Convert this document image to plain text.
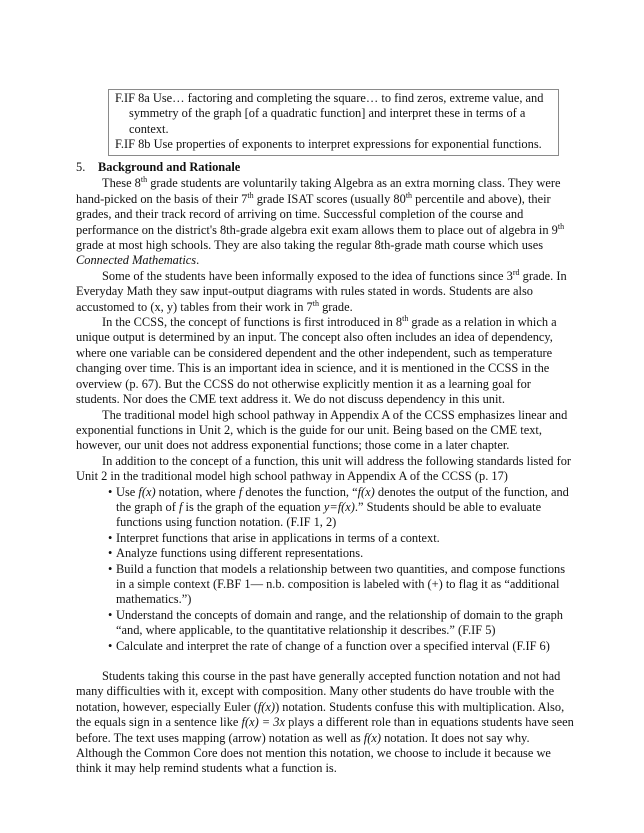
F.IF 8a Use… factoring and completing the square… to find zeros, extreme value, and symmetry of the graph [of a quadratic function] and interpret these in terms of a context.
F.IF 8b Use properties of exponents to interpret expressions for exponential functions.
5. Background and Rationale

These 8th grade students are voluntarily taking Algebra as an extra morning class. They were hand-picked on the basis of their 7th grade ISAT scores (usually 80th percentile and above), their grades, and their track record of arriving on time. Successful completion of the course and performance on the district's 8th-grade algebra exit exam allows them to place out of algebra in 9th grade at most high schools. They are also taking the regular 8th-grade math course which uses Connected Mathematics.

Some of the students have been informally exposed to the idea of functions since 3rd grade. In Everyday Math they saw input-output diagrams with rules stated in words. Students are also accustomed to (x, y) tables from their work in 7th grade.

In the CCSS, the concept of functions is first introduced in 8th grade as a relation in which a unique output is determined by an input. The concept also often includes an idea of dependency, where one variable can be considered dependent and the other independent, such as temperature changing over time. This is an important idea in science, and it is mentioned in the CCSS in the overview (p. 67). But the CCSS do not otherwise explicitly mention it as a learning goal for students. Nor does the CME text address it. We do not discuss dependency in this unit.

The traditional model high school pathway in Appendix A of the CCSS emphasizes linear and exponential functions in Unit 2, which is the guide for our unit. Being based on the CME text, however, our unit does not address exponential functions; those come in a later chapter.

In addition to the concept of a function, this unit will address the following standards listed for Unit 2 in the traditional model high school pathway in Appendix A of the CCSS (p. 17)

• Use f(x) notation, where f denotes the function, “f(x) denotes the output of the function, and the graph of f is the graph of the equation y=f(x).” Students should be able to evaluate functions using function notation. (F.IF 1, 2)
• Interpret functions that arise in applications in terms of a context.
• Analyze functions using different representations.
• Build a function that models a relationship between two quantities, and compose functions in a simple context (F.BF 1— n.b. composition is labeled with (+) to flag it as “additional mathematics.”)
• Understand the concepts of domain and range, and the relationship of domain to the graph “and, where applicable, to the quantitative relationship it describes.” (F.IF 5)
• Calculate and interpret the rate of change of a function over a specified interval (F.IF 6)

Students taking this course in the past have generally accepted function notation and not had many difficulties with it, except with composition. Many other students do have trouble with the notation, however, especially Euler (f(x)) notation. Students confuse this with multiplication. Also, the equals sign in a sentence like f(x) = 3x plays a different role than in equations students have seen before. The text uses mapping (arrow) notation as well as f(x) notation. It does not say why. Although the Common Core does not mention this notation, we choose to include it because we think it may help remind students what a function is.
